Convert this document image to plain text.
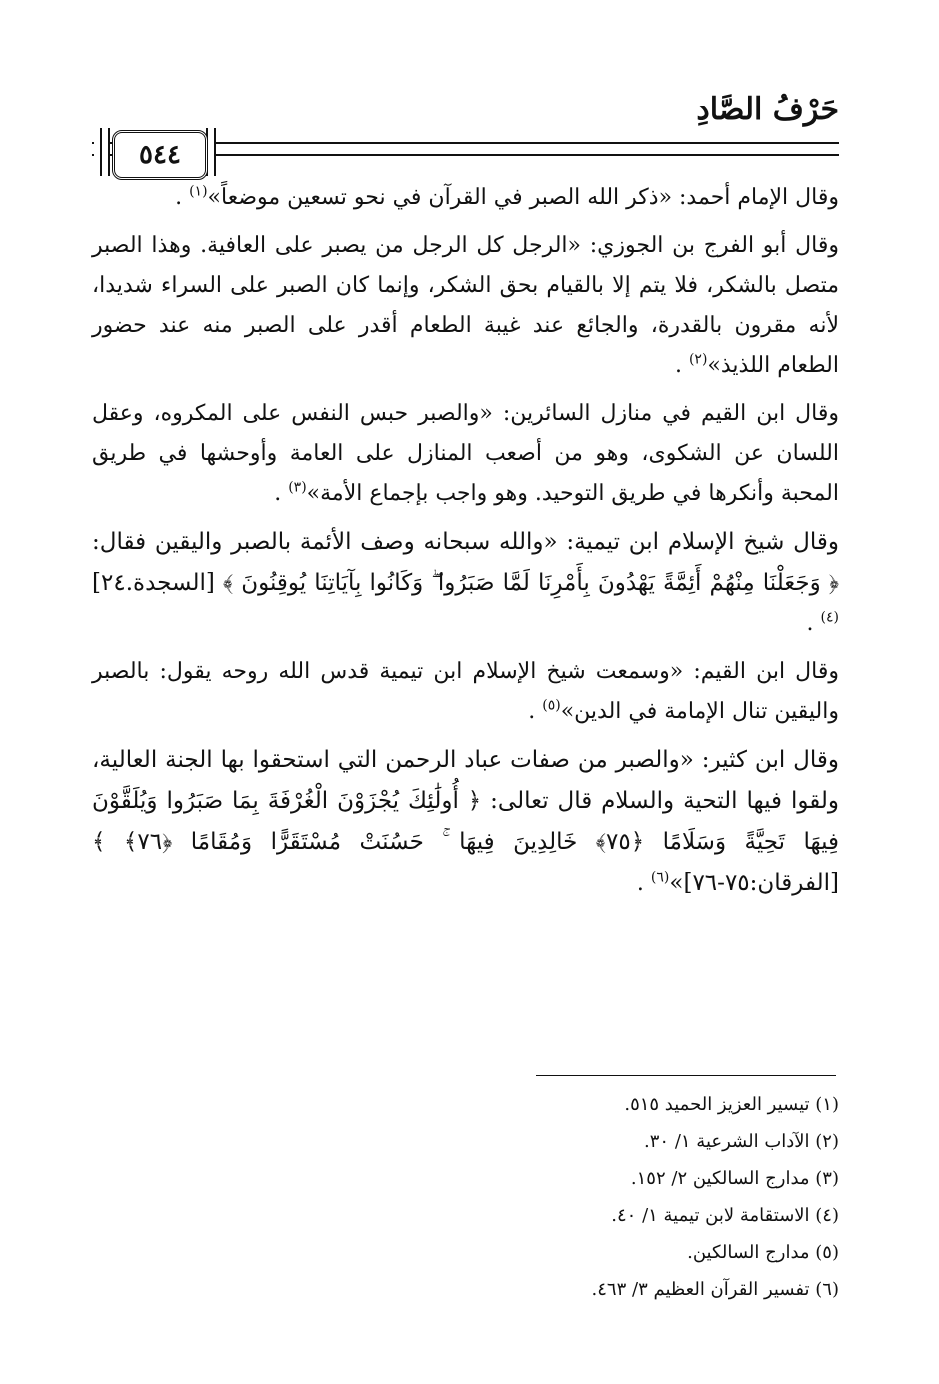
حَرْفُ الصَّادِ
٥٤٤

وقال الإمام أحمد: «ذكر الله الصبر في القرآن في نحو تسعين موضعاً»$^{(١)}$ .

وقال أبو الفرج بن الجوزي: «الرجل كل الرجل من يصبر على العافية. وهذا الصبر متصل بالشكر، فلا يتم إلا بالقيام بحق الشكر، وإنما كان الصبر على السراء شديدا، لأنه مقرون بالقدرة، والجائع عند غيبة الطعام أقدر على الصبر منه عند حضور الطعام اللذيذ»$^{(٢)}$ .

وقال ابن القيم في منازل السائرين: «والصبر حبس النفس على المكروه، وعقل اللسان عن الشكوى، وهو من أصعب المنازل على العامة وأوحشها في طريق المحبة وأنكرها في طريق التوحيد. وهو واجب بإجماع الأمة»$^{(٣)}$ .

وقال شيخ الإسلام ابن تيمية: «والله سبحانه وصف الأئمة بالصبر واليقين فقال: ﴿ وَجَعَلْنَا مِنْهُمْ أَئِمَّةً يَهْدُونَ بِأَمْرِنَا لَمَّا صَبَرُوا ۖ وَكَانُوا بِآيَاتِنَا يُوقِنُونَ ﴾ [السجدة.٢٤]$^{(٤)}$ .

وقال ابن القيم: «وسمعت شيخ الإسلام ابن تيمية قدس الله روحه يقول: بالصبر واليقين تنال الإمامة في الدين»$^{(٥)}$ .

وقال ابن كثير: «والصبر من صفات عباد الرحمن التي استحقوا بها الجنة العالية، ولقوا فيها التحية والسلام قال تعالى: ﴿ أُولَٰئِكَ يُجْزَوْنَ الْغُرْفَةَ بِمَا صَبَرُوا وَيُلَقَّوْنَ فِيهَا تَحِيَّةً وَسَلَامًا ﴿٧٥﴾ خَالِدِينَ فِيهَا ۚ حَسُنَتْ مُسْتَقَرًّا وَمُقَامًا ﴿٧٦﴾ ﴾ [الفرقان:٧٥-٧٦]»$^{(٦)}$ .

(١) تيسير العزيز الحميد ٥١٥.
(٢) الآداب الشرعية ١/ ٣٠.
(٣) مدارج السالكين ٢/ ١٥٢.
(٤) الاستقامة لابن تيمية ١/ ٤٠.
(٥) مدارج السالكين.
(٦) تفسير القرآن العظيم ٣/ ٤٦٣.
